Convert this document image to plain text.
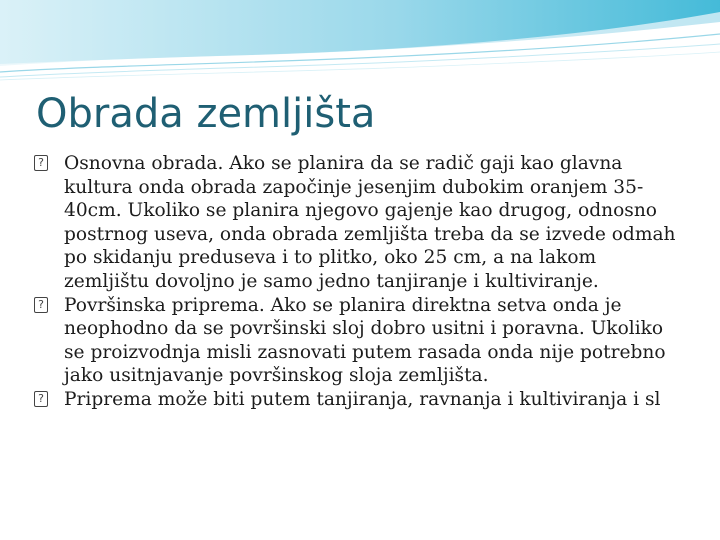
Obrada zemljišta
? Osnovna obrada. Ako se planira da se radič gaji kao glavna kultura onda obrada započinje jesenjim dubokim oranjem 35-40cm. Ukoliko se planira njegovo gajenje kao drugog, odnosno postrnog useva, onda obrada zemljišta treba da se izvede odmah po skidanju preduseva i to plitko, oko 25 cm, a na lakom zemljištu dovoljno je samo jedno tanjiranje i kultiviranje.
? Površinska priprema. Ako se planira direktna setva onda je neophodno da se površinski sloj dobro usitni i poravna. Ukoliko se proizvodnja misli zasnovati putem rasada onda nije potrebno jako usitnjavanje površinskog sloja zemljišta.
? Priprema može biti putem tanjiranja, ravnanja i kultiviranja i sl
